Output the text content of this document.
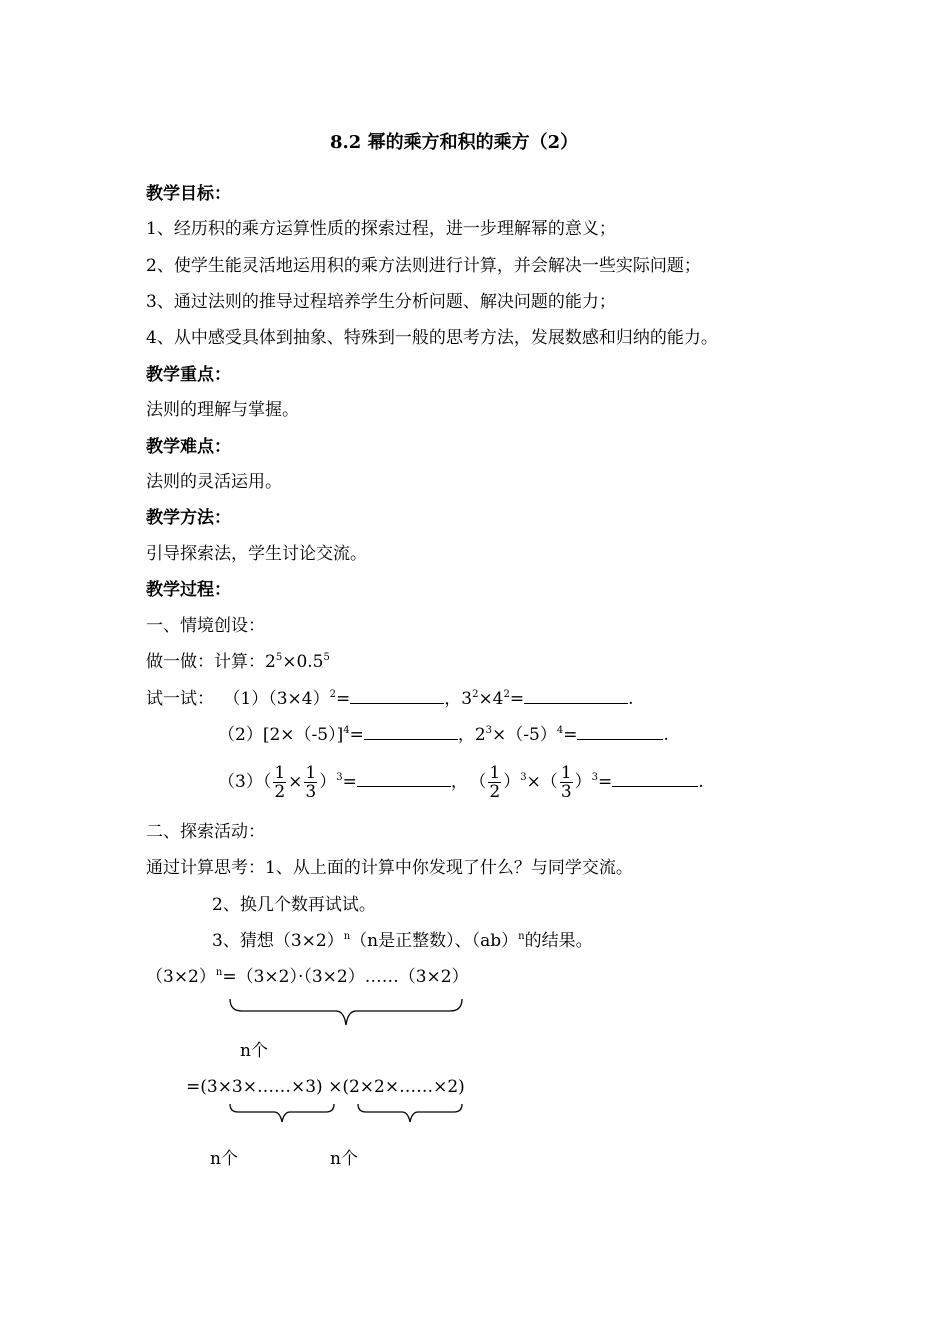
8.2 幂的乘方和积的乘方（2）
教学目标：
1、经历积的乘方运算性质的探索过程，进一步理解幂的意义；
2、使学生能灵活地运用积的乘方法则进行计算，并会解决一些实际问题；
3、通过法则的推导过程培养学生分析问题、解决问题的能力；
4、从中感受具体到抽象、特殊到一般的思考方法，发展数感和归纳的能力。
教学重点：
法则的理解与掌握。
教学难点：
法则的灵活运用。
教学方法：
引导探索法，学生讨论交流。
教学过程：
一、情境创设：
做一做：计算：$2^5\times 0.5^5$
试一试： $(1)(3\times 4)^2=$	，$3^2\times 4^2=$	.
$(2)[2\times(-5)]^4=$	，$2^3\times(-5)^4=$	.
$(3)( \frac{1}{2} \times \frac{1}{3} )^3=$	， （ $\frac{1}{2} )^3\times( \frac{1}{3} )^3=$	.
二、探索活动：
通过计算思考：1、从上面的计算中你发现了什么？与同学交流。
2、换几个数再试试。
3、猜想$(3\times 2)^n(n$是正整数）、（ab）$^n$的结果。
$(3\times 2)^n=(3\times 2)\cdot(3\times 2)\dots\dots(3\times 2)$
n个
=(3×3×……×3) ×(2×2×……×2)
n个	n个
